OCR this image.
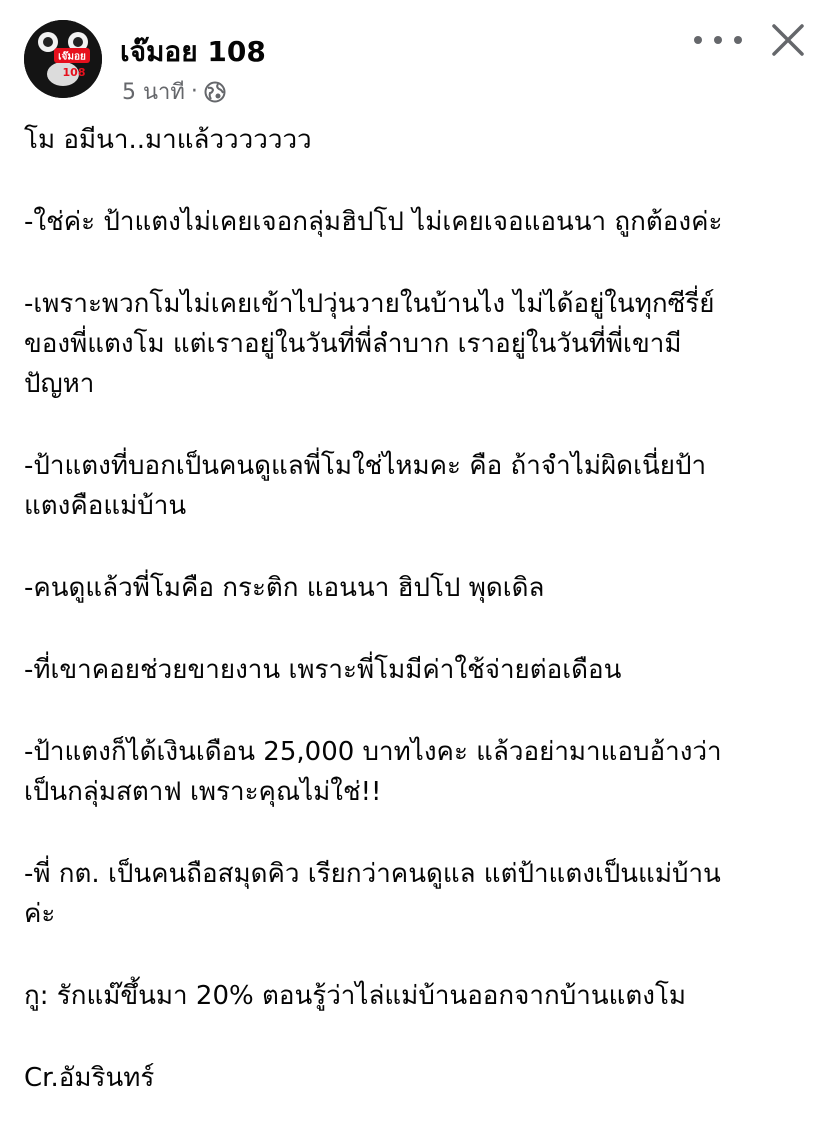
เจ๊มอย
108
เจ๊มอย 108
5 นาที ·
โม อมีนา..มาแล้ววววววว
-ใช่ค่ะ ป้าแตงไม่เคยเจอกลุ่มฮิปโป ไม่เคยเจอแอนนา ถูกต้องค่ะ
-เพราะพวกโมไม่เคยเข้าไปวุ่นวายในบ้านไง ไม่ได้อยู่ในทุกซีรี่ย์
ของพี่แตงโม แต่เราอยู่ในวันที่พี่ลำบาก เราอยู่ในวันที่พี่เขามี
ปัญหา
-ป้าแตงที่บอกเป็นคนดูแลพี่โมใช่ไหมคะ คือ ถ้าจำไม่ผิดเนี่ยป้า
แตงคือแม่บ้าน
-คนดูแล้วพี่โมคือ กระติก แอนนา ฮิปโป พุดเดิล
-ที่เขาคอยช่วยขายงาน เพราะพี่โมมีค่าใช้จ่ายต่อเดือน
-ป้าแตงก็ได้เงินเดือน 25,000 บาทไงคะ แล้วอย่ามาแอบอ้างว่า
เป็นกลุ่มสตาฟ เพราะคุณไม่ใช่!!
-พี่ กต. เป็นคนถือสมุดคิว เรียกว่าคนดูแล แต่ป้าแตงเป็นแม่บ้าน
ค่ะ
กู: รักแม๊ขึ้นมา 20% ตอนรู้ว่าไล่แม่บ้านออกจากบ้านแตงโม
Cr.อัมรินทร์
